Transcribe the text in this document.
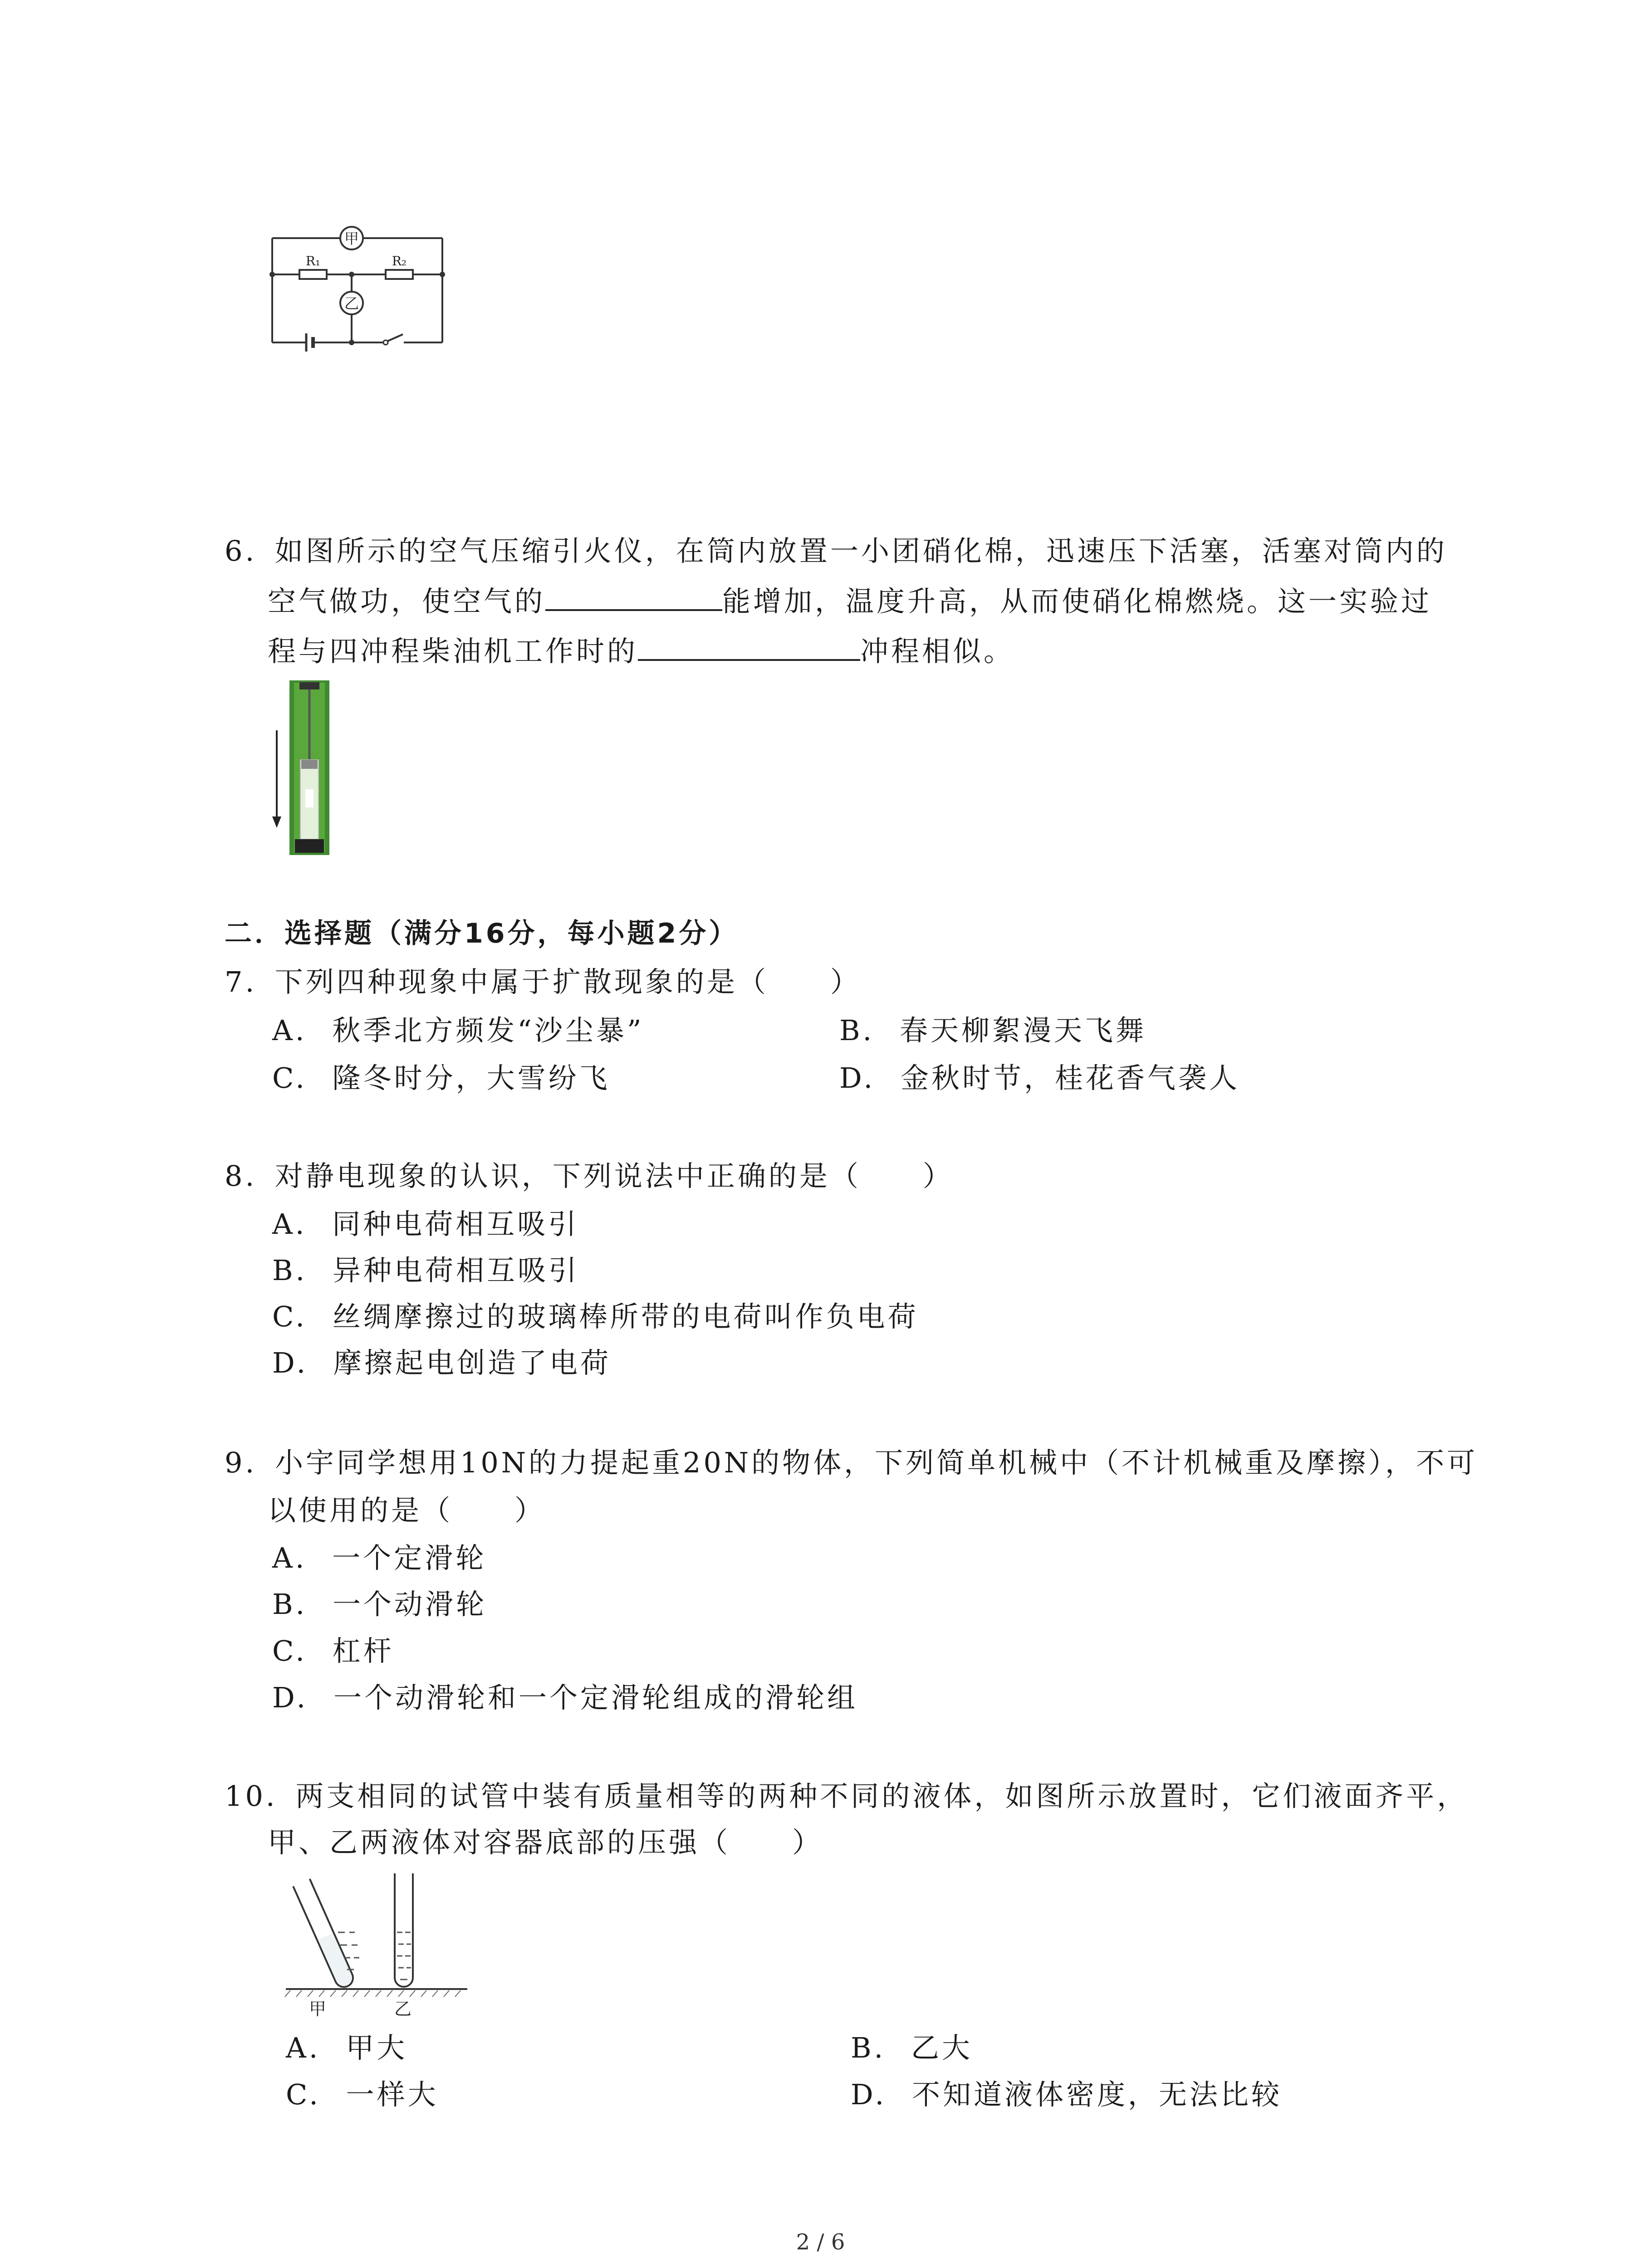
甲
乙
R₁	R₂
6. 如图所示的空气压缩引火仪，在筒内放置一小团硝化棉，迅速压下活塞，活塞对筒内的
空气做功，使空气的	能增加，温度升高，从而使硝化棉燃烧。这一实验过
程与四冲程柴油机工作时的	冲程相似。
二．选择题（满分16分，每小题2分）
7. 下列四种现象中属于扩散现象的是（　　）
A. 秋季北方频发“沙尘暴”	B. 春天柳絮漫天飞舞
C. 隆冬时分，大雪纷飞	D. 金秋时节，桂花香气袭人
8. 对静电现象的认识，下列说法中正确的是（　　）
A. 同种电荷相互吸引
B. 异种电荷相互吸引
C. 丝绸摩擦过的玻璃棒所带的电荷叫作负电荷
D. 摩擦起电创造了电荷
9. 小宇同学想用10N的力提起重20N的物体，下列简单机械中（不计机械重及摩擦），不可
以使用的是（　　）
A. 一个定滑轮
B. 一个动滑轮
C. 杠杆
D. 一个动滑轮和一个定滑轮组成的滑轮组
10. 两支相同的试管中装有质量相等的两种不同的液体，如图所示放置时，它们液面齐平，
甲、乙两液体对容器底部的压强（　　）
甲	乙
A. 甲大	B. 乙大
C. 一样大	D. 不知道液体密度，无法比较
2 / 6
